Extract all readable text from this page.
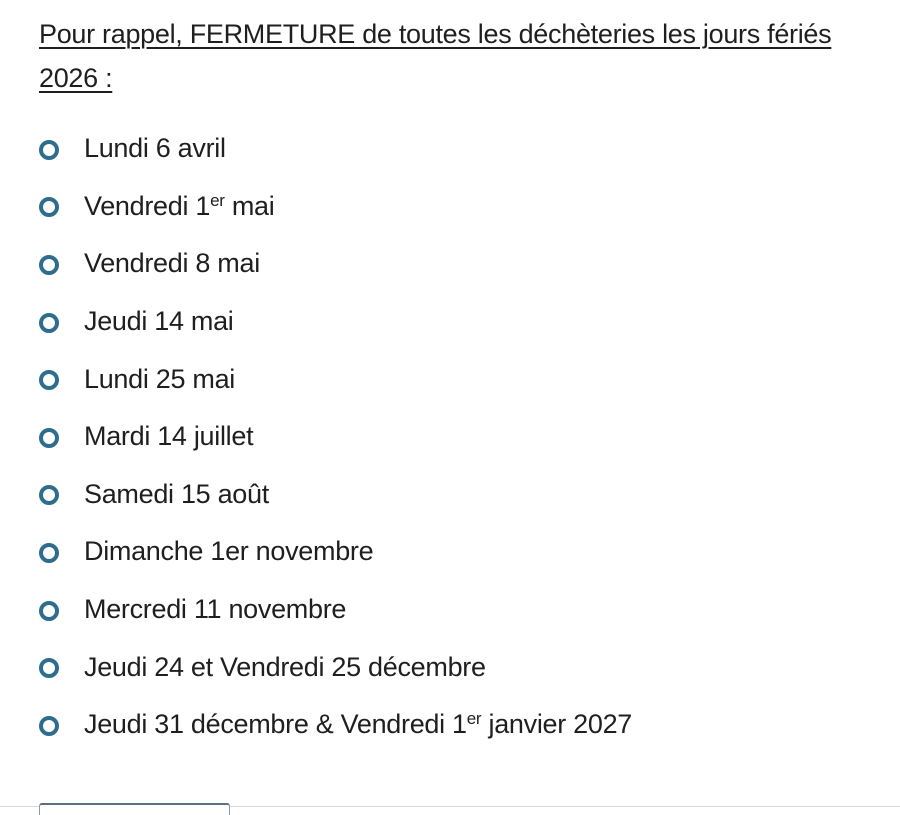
Pour rappel, FERMETURE de toutes les déchèteries les jours fériés 2026 :

Lundi 6 avril
Vendredi 1er mai
Vendredi 8 mai
Jeudi 14 mai
Lundi 25 mai
Mardi 14 juillet
Samedi 15 août
Dimanche 1er novembre
Mercredi 11 novembre
Jeudi 24 et Vendredi 25 décembre
Jeudi 31 décembre & Vendredi 1er janvier 2027
